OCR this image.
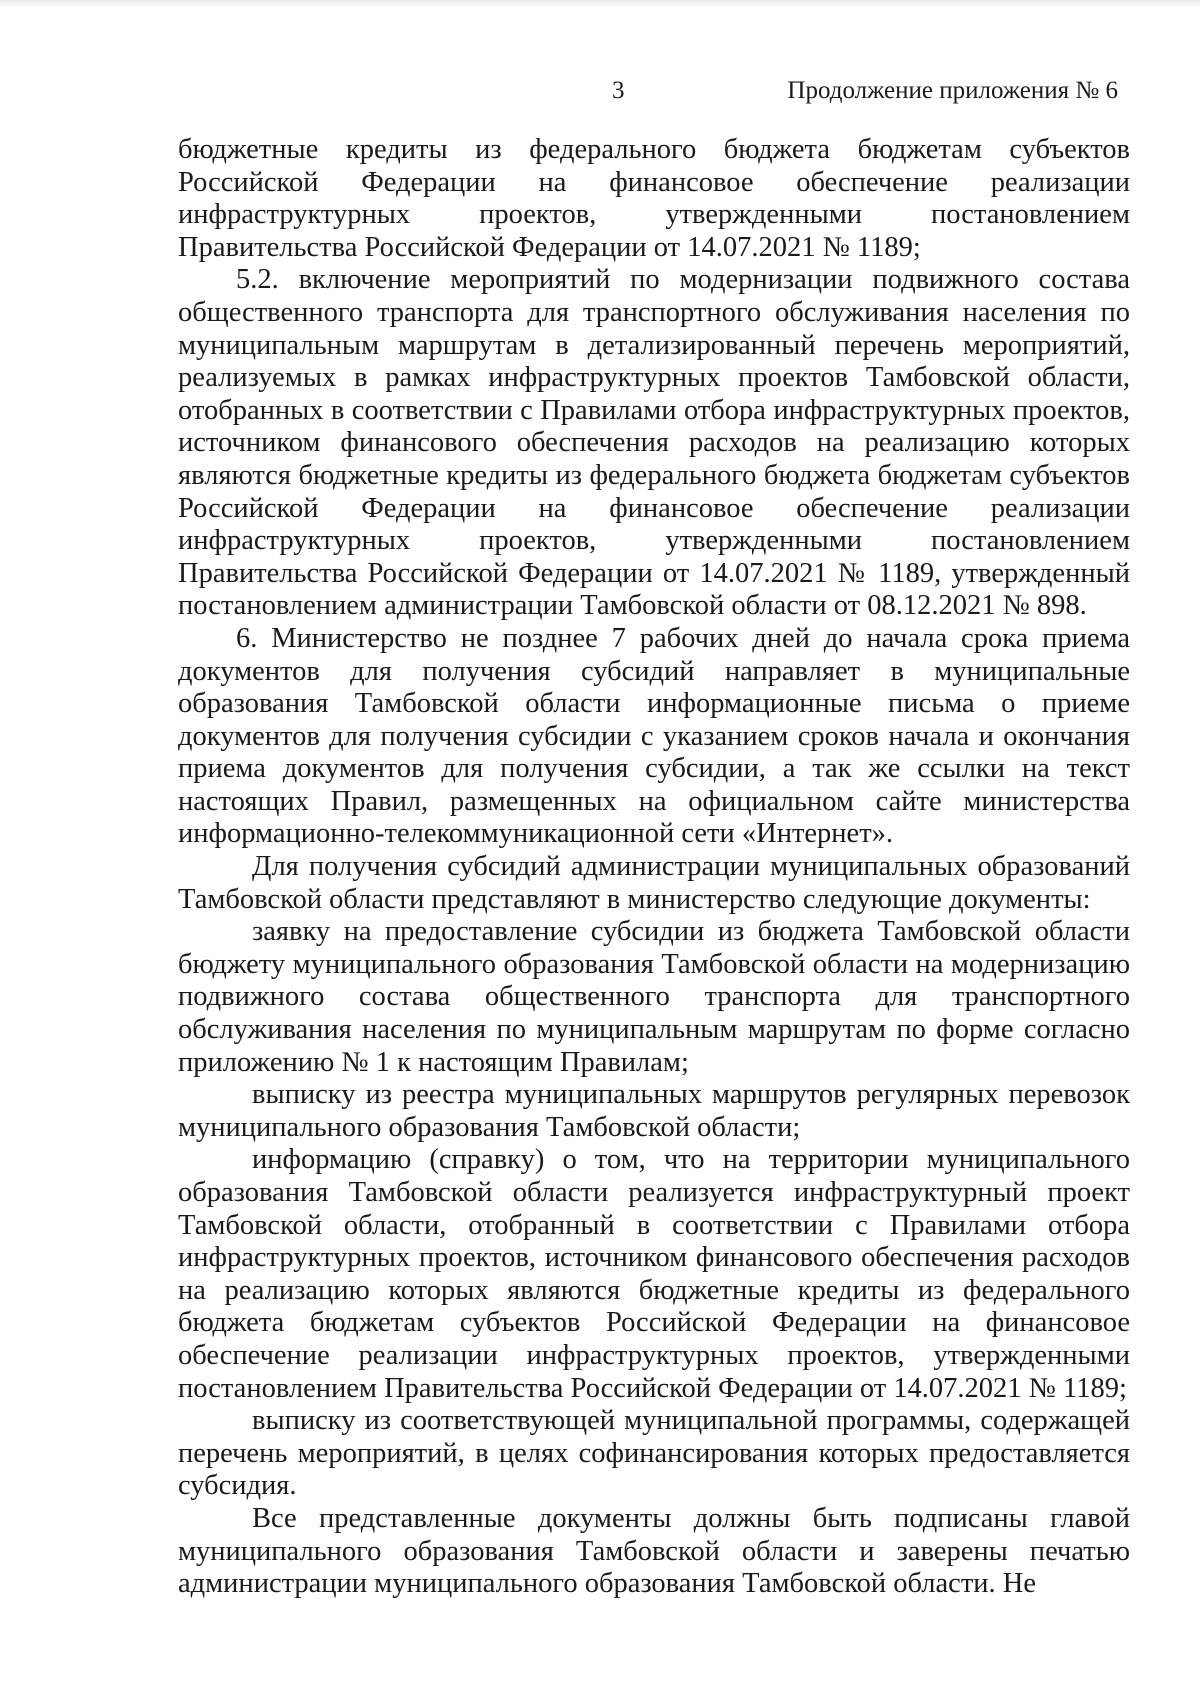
3	Продолжение приложения № 6

бюджетные кредиты из федерального бюджета бюджетам субъектов Российской Федерации на финансовое обеспечение реализации инфраструктурных проектов, утвержденными постановлением Правительства Российской Федерации от 14.07.2021 № 1189;

5.2. включение мероприятий по модернизации подвижного состава общественного транспорта для транспортного обслуживания населения по муниципальным маршрутам в детализированный перечень мероприятий, реализуемых в рамках инфраструктурных проектов Тамбовской области, отобранных в соответствии с Правилами отбора инфраструктурных проектов, источником финансового обеспечения расходов на реализацию которых являются бюджетные кредиты из федерального бюджета бюджетам субъектов Российской Федерации на финансовое обеспечение реализации инфраструктурных проектов, утвержденными постановлением Правительства Российской Федерации от 14.07.2021 № 1189, утвержденный постановлением администрации Тамбовской области от 08.12.2021 № 898.

6. Министерство не позднее 7 рабочих дней до начала срока приема документов для получения субсидий направляет в муниципальные образования Тамбовской области информационные письма о приеме документов для получения субсидии с указанием сроков начала и окончания приема документов для получения субсидии, а так же ссылки на текст настоящих Правил, размещенных на официальном сайте министерства информационно-телекоммуникационной сети «Интернет».

Для получения субсидий администрации муниципальных образований Тамбовской области представляют в министерство следующие документы:

заявку на предоставление субсидии из бюджета Тамбовской области бюджету муниципального образования Тамбовской области на модернизацию подвижного состава общественного транспорта для транспортного обслуживания населения по муниципальным маршрутам по форме согласно приложению № 1 к настоящим Правилам;

выписку из реестра муниципальных маршрутов регулярных перевозок муниципального образования Тамбовской области;

информацию (справку) о том, что на территории муниципального образования Тамбовской области реализуется инфраструктурный проект Тамбовской области, отобранный в соответствии с Правилами отбора инфраструктурных проектов, источником финансового обеспечения расходов на реализацию которых являются бюджетные кредиты из федерального бюджета бюджетам субъектов Российской Федерации на финансовое обеспечение реализации инфраструктурных проектов, утвержденными постановлением Правительства Российской Федерации от 14.07.2021 № 1189;

выписку из соответствующей муниципальной программы, содержащей перечень мероприятий, в целях софинансирования которых предоставляется субсидия.

Все представленные документы должны быть подписаны главой муниципального образования Тамбовской области и заверены печатью администрации муниципального образования Тамбовской области. Не
